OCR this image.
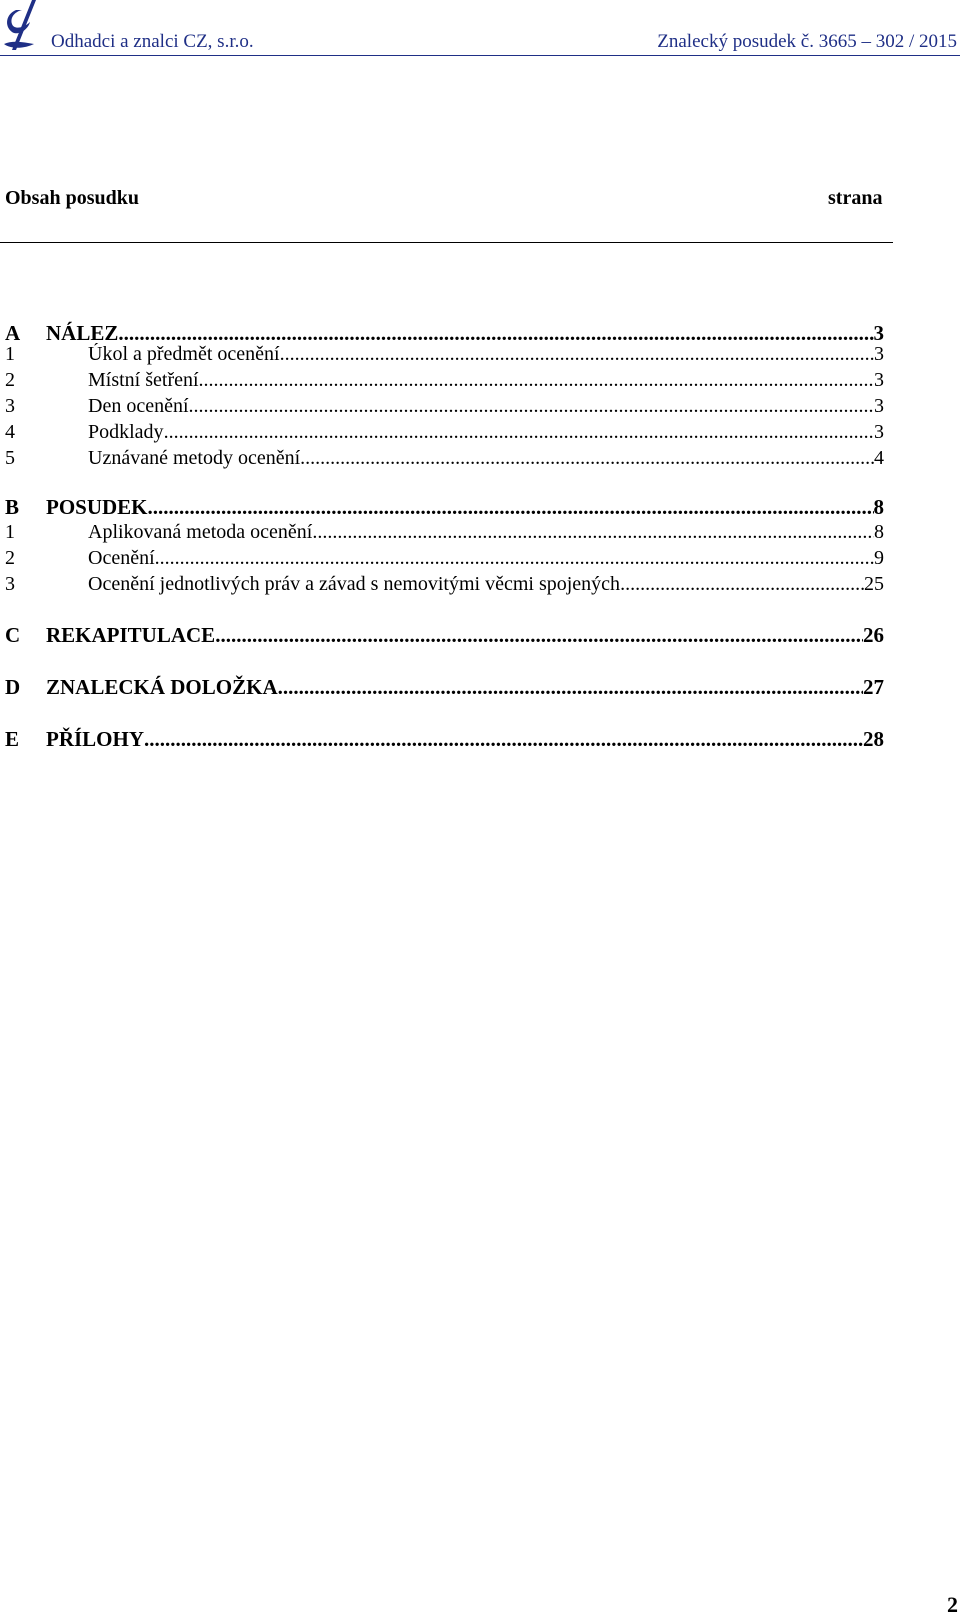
Odhadci a znalci CZ, s.r.o.	Znalecký posudek č. 3665 – 302 / 2015
Obsah posudku	strana
A NÁLEZ .....	3
1	Úkol a předmět ocenění .....	3
2	Místní šetření .....	3
3	Den ocenění .....	3
4	Podklady .....	3
5	Uznávané metody ocenění .....	4
B POSUDEK .....	8
1	Aplikovaná metoda ocenění .....	8
2	Ocenění .....	9
3	Ocenění jednotlivých práv a závad s nemovitými věcmi spojených .....	25
C REKAPITULACE .....	26
D ZNALECKÁ DOLOŽKA .....	27
E PŘÍLOHY .....	28
2
